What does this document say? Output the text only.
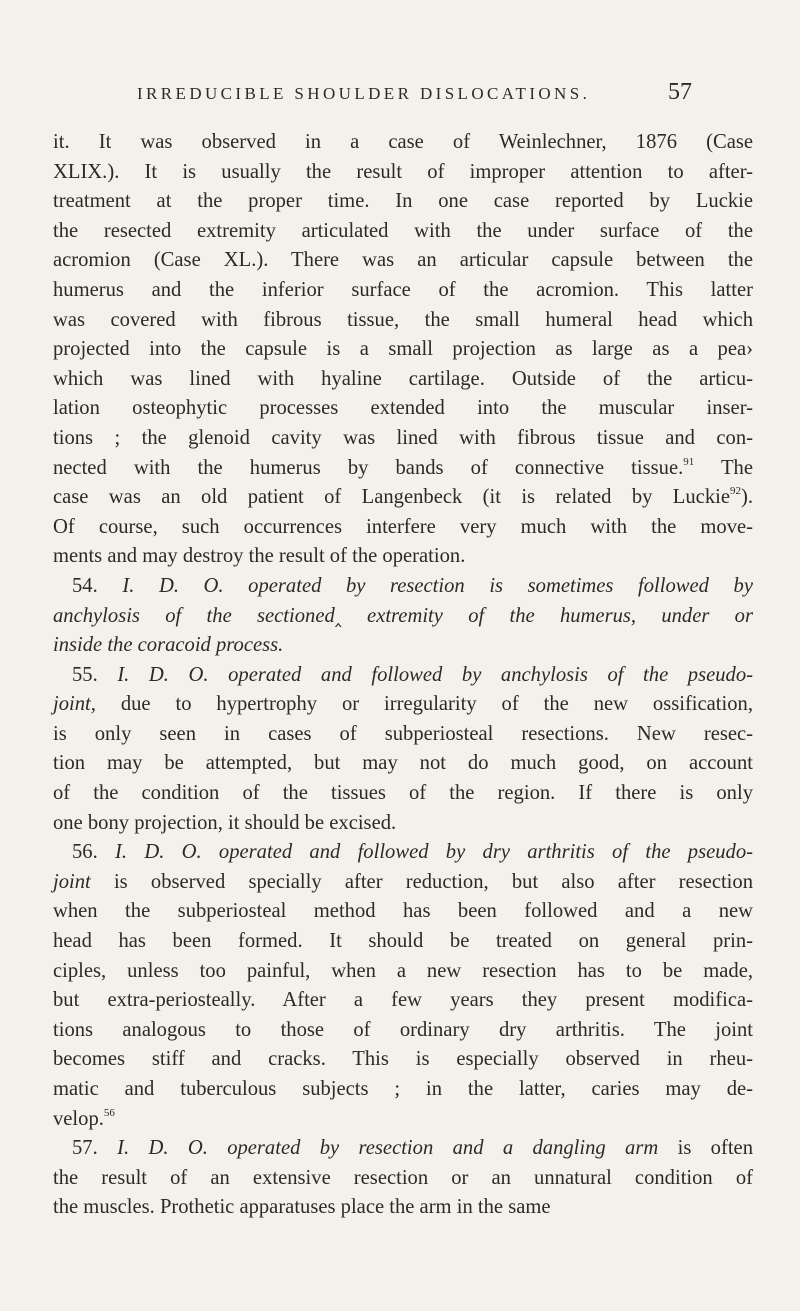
IRREDUCIBLE SHOULDER DISLOCATIONS.	57
it. It was observed in a case of Weinlechner, 1876 (Case
XLIX.). It is usually the result of improper attention to after-
treatment at the proper time. In one case reported by Luckie
the resected extremity articulated with the under surface of the
acromion (Case XL.). There was an articular capsule between the
humerus and the inferior surface of the acromion. This latter
was covered with fibrous tissue, the small humeral head which
projected into the capsule is a small projection as large as a pea›
which was lined with hyaline cartilage. Outside of the articu-
lation osteophytic processes extended into the muscular inser-
tions ; the glenoid cavity was lined with fibrous tissue and con-
nected with the humerus by bands of connective tissue.$^{91}$ The
case was an old patient of Langenbeck (it is related by Luckie$^{92}$).
Of course, such occurrences interfere very much with the move-
ments and may destroy the result of the operation.
54. I. D. O. operated by resection is sometimes followed by
anchylosis of the sectioned‸ extremity of the humerus, under or
inside the coracoid process.
55. I. D. O. operated and followed by anchylosis of the pseudo-
joint, due to hypertrophy or irregularity of the new ossification,
is only seen in cases of subperiosteal resections. New resec-
tion may be attempted, but may not do much good, on account
of the condition of the tissues of the region. If there is only
one bony projection, it should be excised.
56. I. D. O. operated and followed by dry arthritis of the pseudo-
joint is observed specially after reduction, but also after resection
when the subperiosteal method has been followed and a new
head has been formed. It should be treated on general prin-
ciples, unless too painful, when a new resection has to be made,
but extra-periosteally. After a few years they present modifica-
tions analogous to those of ordinary dry arthritis. The joint
becomes stiff and cracks. This is especially observed in rheu-
matic and tuberculous subjects ; in the latter, caries may de-
velop.$^{56}$
57. I. D. O. operated by resection and a dangling arm is often
the result of an extensive resection or an unnatural condition of
the muscles. Prothetic apparatuses place the arm in the same
